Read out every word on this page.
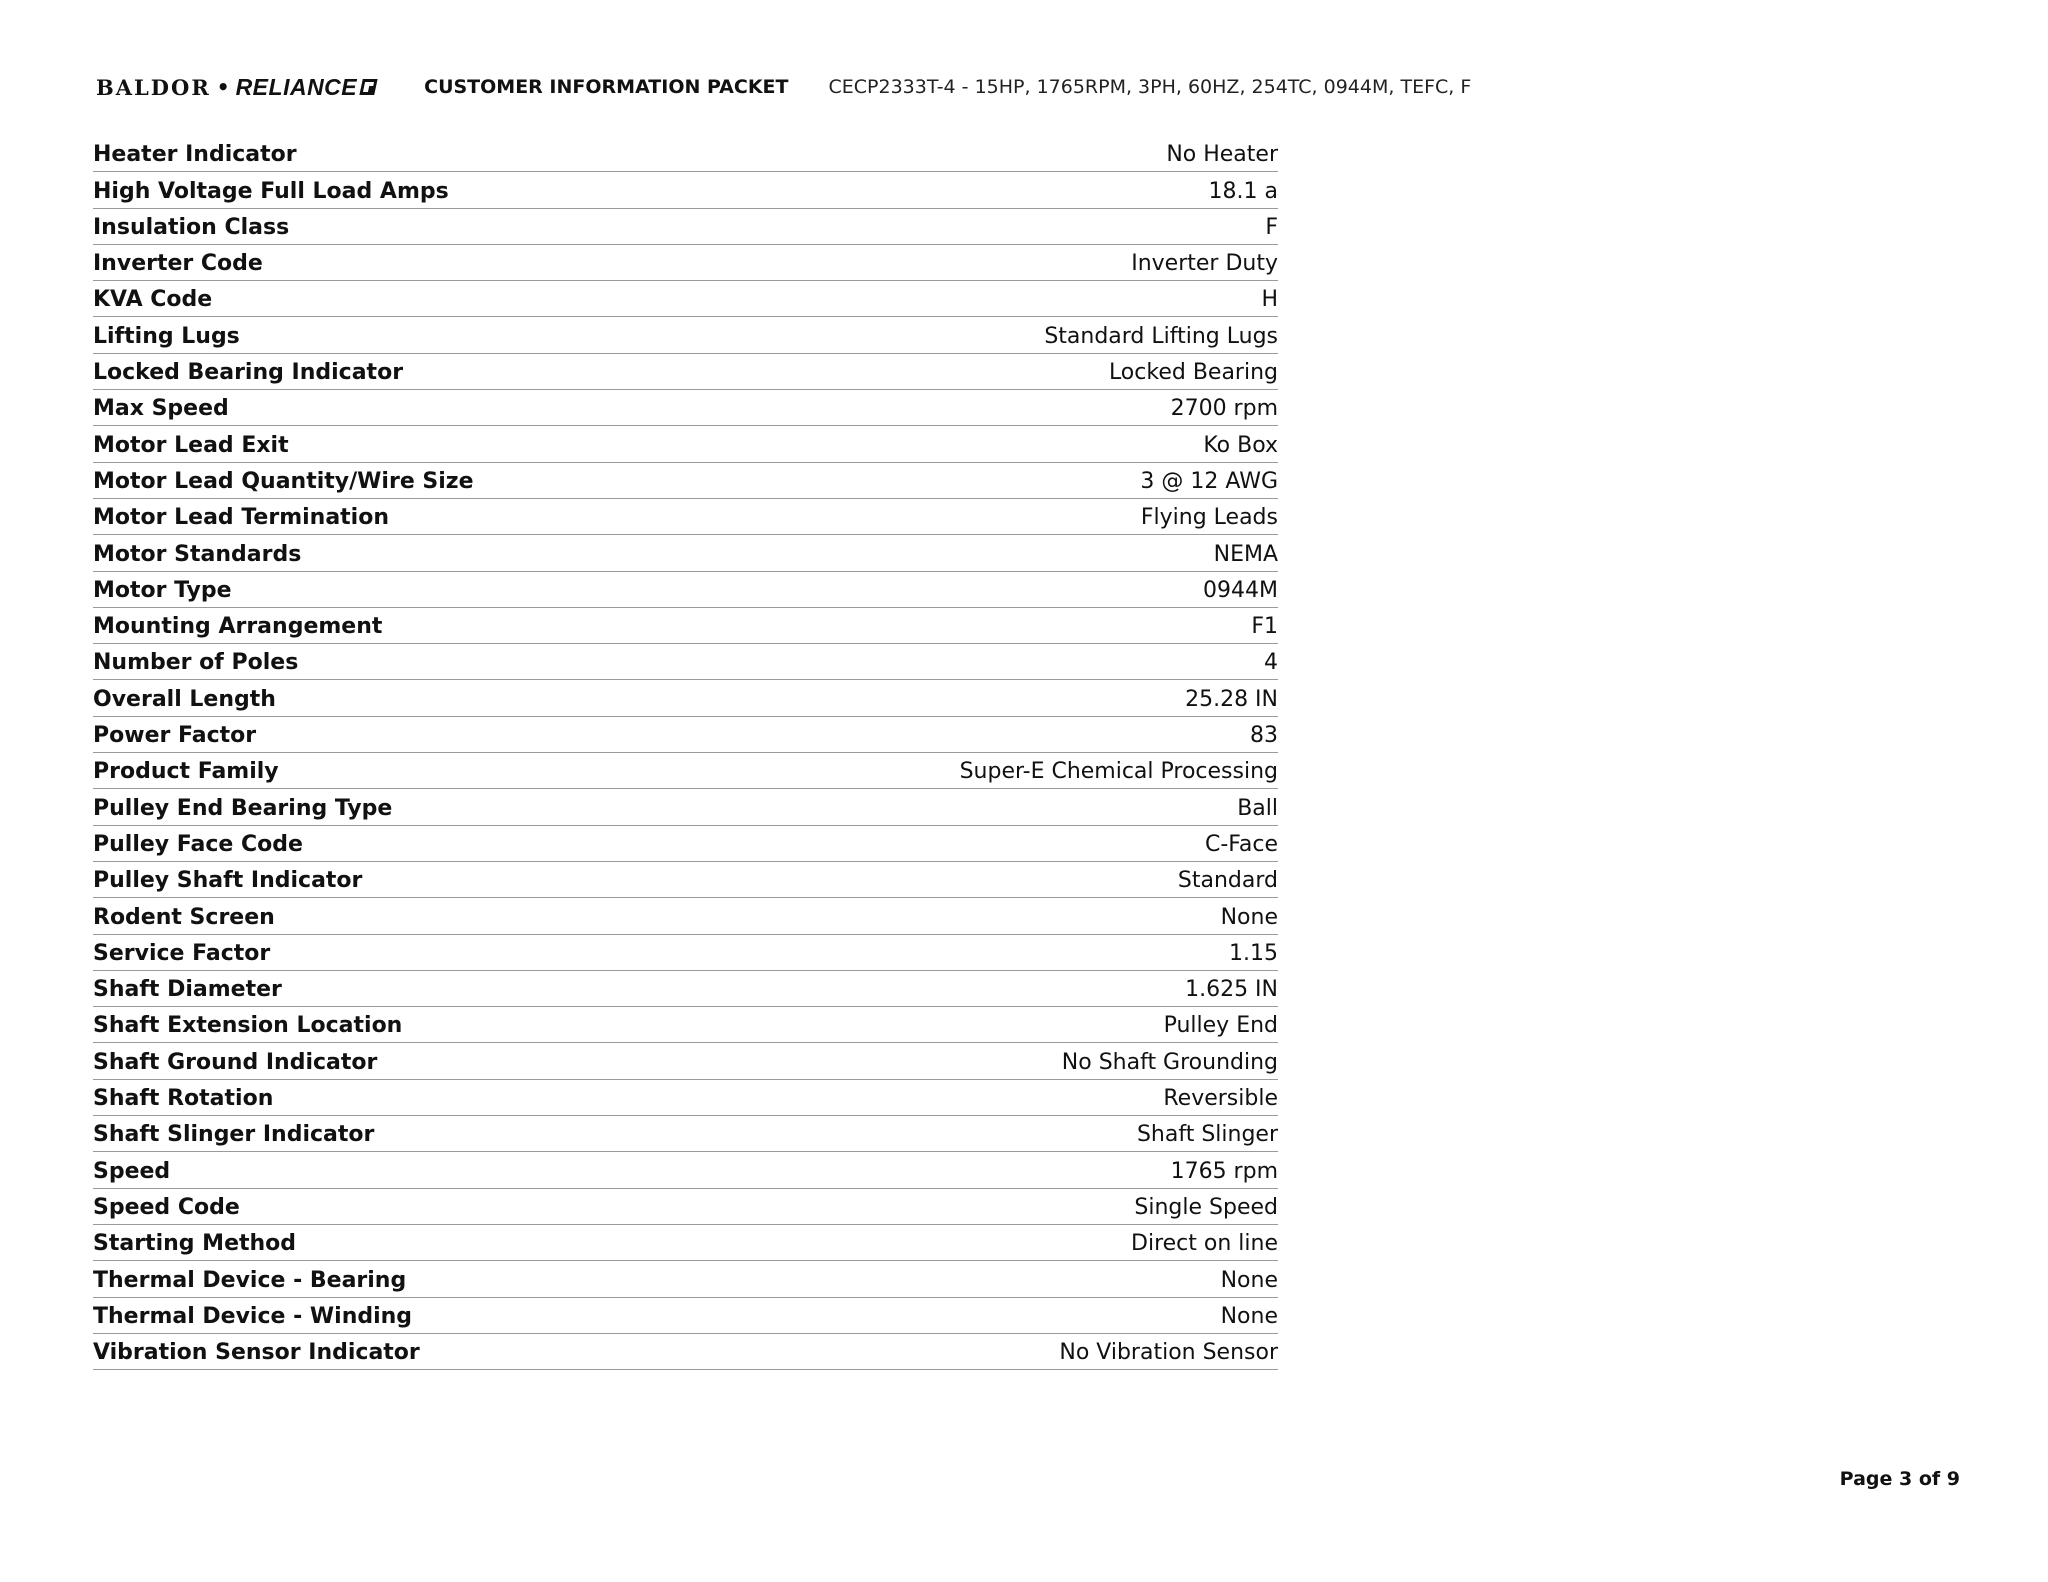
BALDOR • RELIANCE	CUSTOMER INFORMATION PACKET CECP2333T-4 - 15HP, 1765RPM, 3PH, 60HZ, 254TC, 0944M, TEFC, F
Heater Indicator	No Heater
High Voltage Full Load Amps	18.1 a
Insulation Class	F
Inverter Code	Inverter Duty
KVA Code	H
Lifting Lugs	Standard Lifting Lugs
Locked Bearing Indicator	Locked Bearing
Max Speed	2700 rpm
Motor Lead Exit	Ko Box
Motor Lead Quantity/Wire Size	3 @ 12 AWG
Motor Lead Termination	Flying Leads
Motor Standards	NEMA
Motor Type	0944M
Mounting Arrangement	F1
Number of Poles	4
Overall Length	25.28 IN
Power Factor	83
Product Family	Super-E Chemical Processing
Pulley End Bearing Type	Ball
Pulley Face Code	C-Face
Pulley Shaft Indicator	Standard
Rodent Screen	None
Service Factor	1.15
Shaft Diameter	1.625 IN
Shaft Extension Location	Pulley End
Shaft Ground Indicator	No Shaft Grounding
Shaft Rotation	Reversible
Shaft Slinger Indicator	Shaft Slinger
Speed	1765 rpm
Speed Code	Single Speed
Starting Method	Direct on line
Thermal Device - Bearing	None
Thermal Device - Winding	None
Vibration Sensor Indicator	No Vibration Sensor
Page 3 of 9
